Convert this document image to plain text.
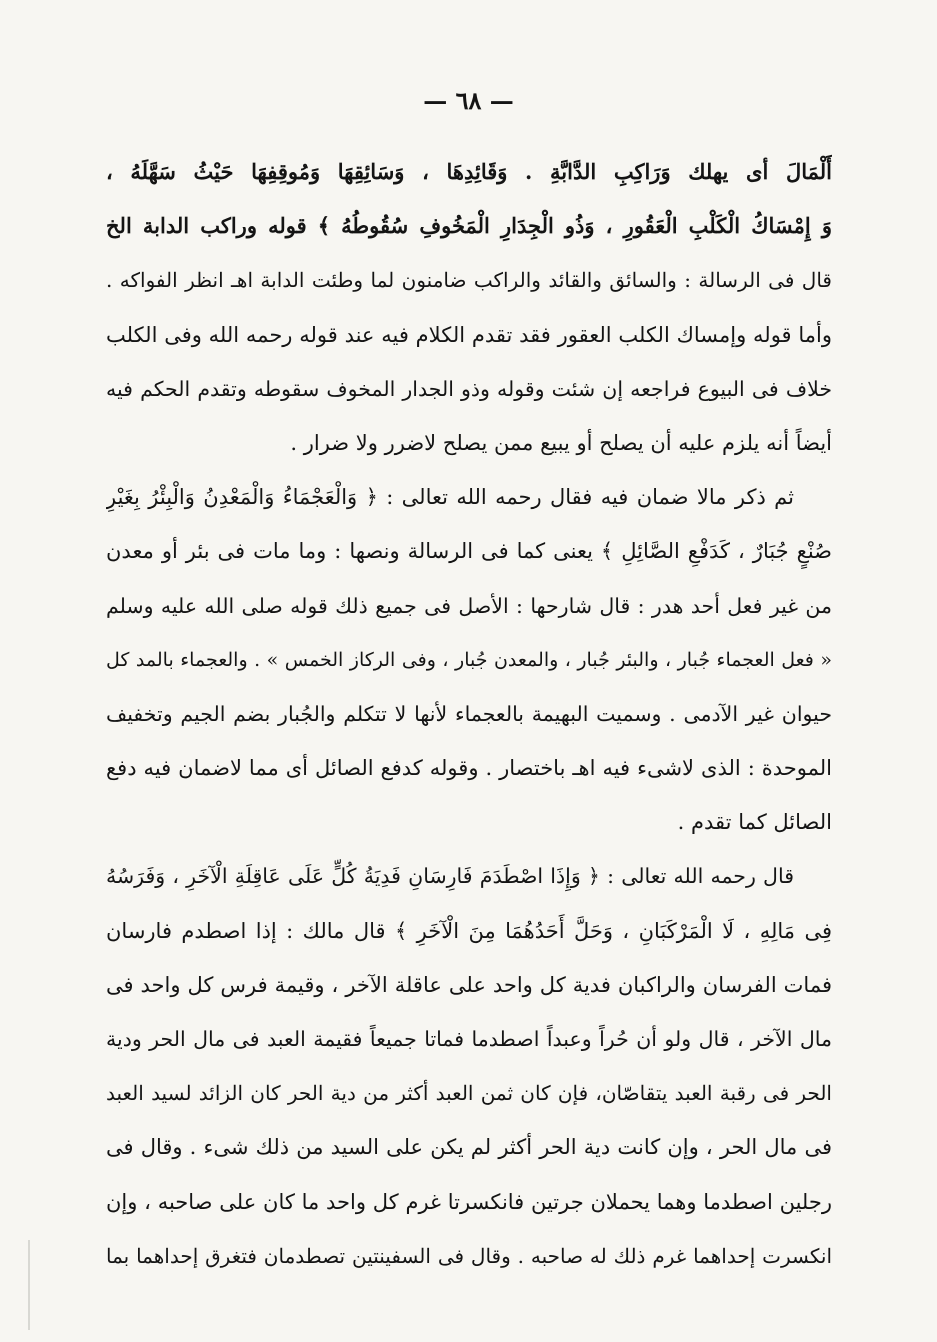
— ٦٨ —
أَلْمَالَ أى يهلك وَرَاكِبِ الدَّابَّةِ . وَقَائِدِهَا ، وَسَائِقِهَا وَمُوقِفِهَا حَيْثُ سَهَّلَهُ ،
وَ إِمْسَاكُ الْكَلْبِ الْعَقُورِ ، وَذُو الْجِدَارِ الْمَخُوفِ سُقُوطُهُ ﴾ قوله وراكب الدابة الخ
قال فى الرسالة : والسائق والقائد والراكب ضامنون لما وطئت الدابة اهـ انظر الفواكه .
وأما قوله وإمساك الكلب العقور فقد تقدم الكلام فيه عند قوله رحمه الله وفى الكلب
خلاف فى البيوع فراجعه إن شئت وقوله وذو الجدار المخوف سقوطه وتقدم الحكم فيه
أيضاً أنه يلزم عليه أن يصلح أو يبيع ممن يصلح لاضرر ولا ضرار .
ثم ذكر مالا ضمان فيه فقال رحمه الله تعالى : ﴿ وَالْعَجْمَاءُ وَالْمَعْدِنُ وَالْبِئْرُ بِغَيْرِ
صُنْعٍ جُبَارٌ ، كَدَفْعِ الصَّائِلِ ﴾ يعنى كما فى الرسالة ونصها : وما مات فى بئر أو معدن
من غير فعل أحد هدر : قال شارحها : الأصل فى جميع ذلك قوله صلى الله عليه وسلم
« فعل العجماء جُبار ، والبئر جُبار ، والمعدن جُبار ، وفى الركاز الخمس » . والعجماء بالمد كل
حيوان غير الآدمى . وسميت البهيمة بالعجماء لأنها لا تتكلم والجُبار بضم الجيم وتخفيف
الموحدة : الذى لاشىء فيه اهـ باختصار . وقوله كدفع الصائل أى مما لاضمان فيه دفع
الصائل كما تقدم .
قال رحمه الله تعالى : ﴿ وَإِذَا اصْطَدَمَ فَارِسَانِ فَدِيَةُ كُلٍّ عَلَى عَاقِلَةِ الْآخَرِ ، وَفَرَسُهُ
فِى مَالِهِ ، لَا الْمَرْكَبَانِ ، وَحَلَّ أَحَدُهُمَا مِنَ الْآخَرِ ﴾ قال مالك : إذا اصطدم فارسان
فمات الفرسان والراكبان فدية كل واحد على عاقلة الآخر ، وقيمة فرس كل واحد فى
مال الآخر ، قال ولو أن حُراً وعبداً اصطدما فماتا جميعاً فقيمة العبد فى مال الحر ودية
الحر فى رقبة العبد يتقاصّان، فإن كان ثمن العبد أكثر من دية الحر كان الزائد لسيد العبد
فى مال الحر ، وإن كانت دية الحر أكثر لم يكن على السيد من ذلك شىء . وقال فى
رجلين اصطدما وهما يحملان جرتين فانكسرتا غرم كل واحد ما كان على صاحبه ، وإن
انكسرت إحداهما غرم ذلك له صاحبه . وقال فى السفينتين تصطدمان فتغرق إحداهما بما
